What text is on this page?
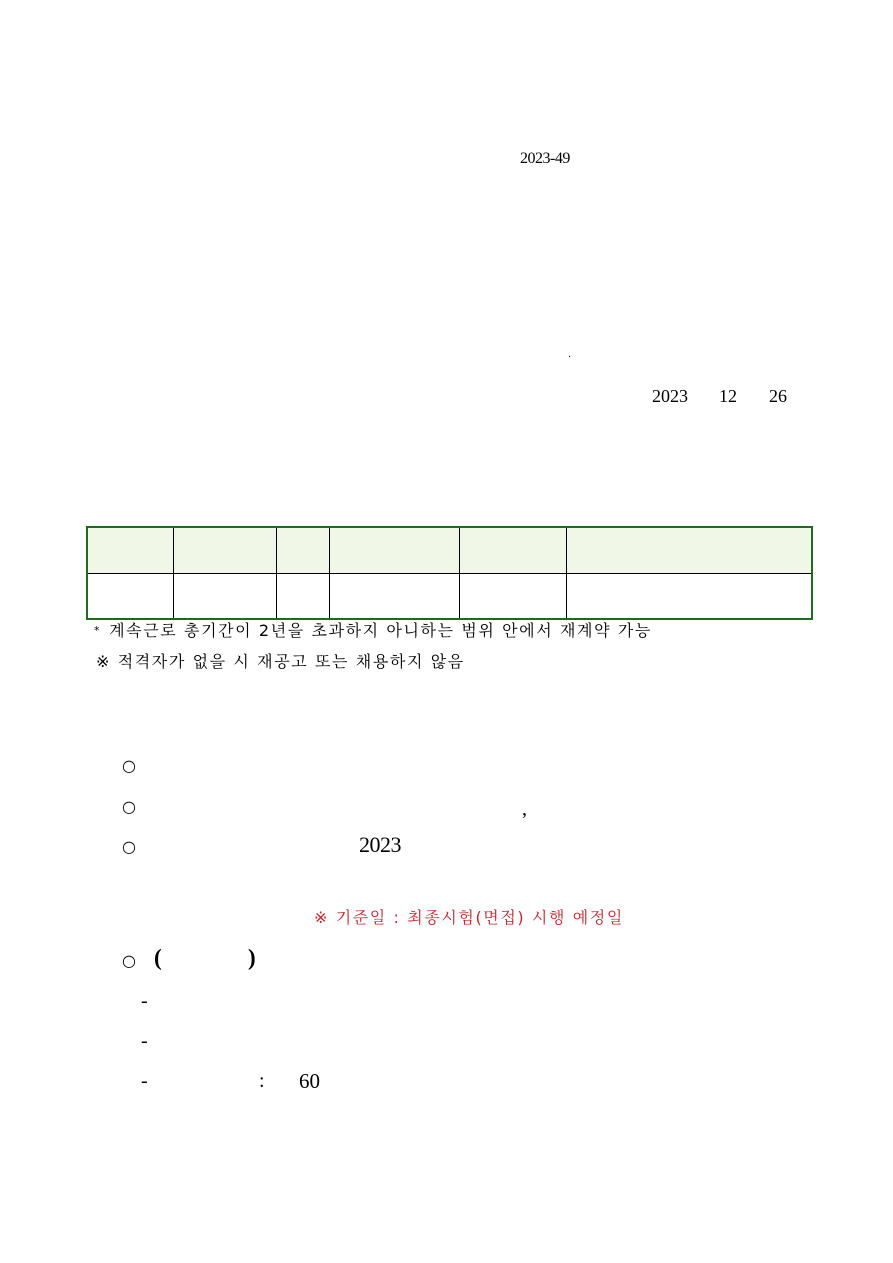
2023-49
·
2023 12 26

* 계속근로 총기간이 2년을 초과하지 아니하는 범위 안에서 재계약 가능
※ 적격자가 없을 시 재공고 또는 채용하지 않음
○
○	,
○	2023
※ 기준일 : 최종시험(면접) 시행 예정일
○ (	)
-
-
-	: 60
